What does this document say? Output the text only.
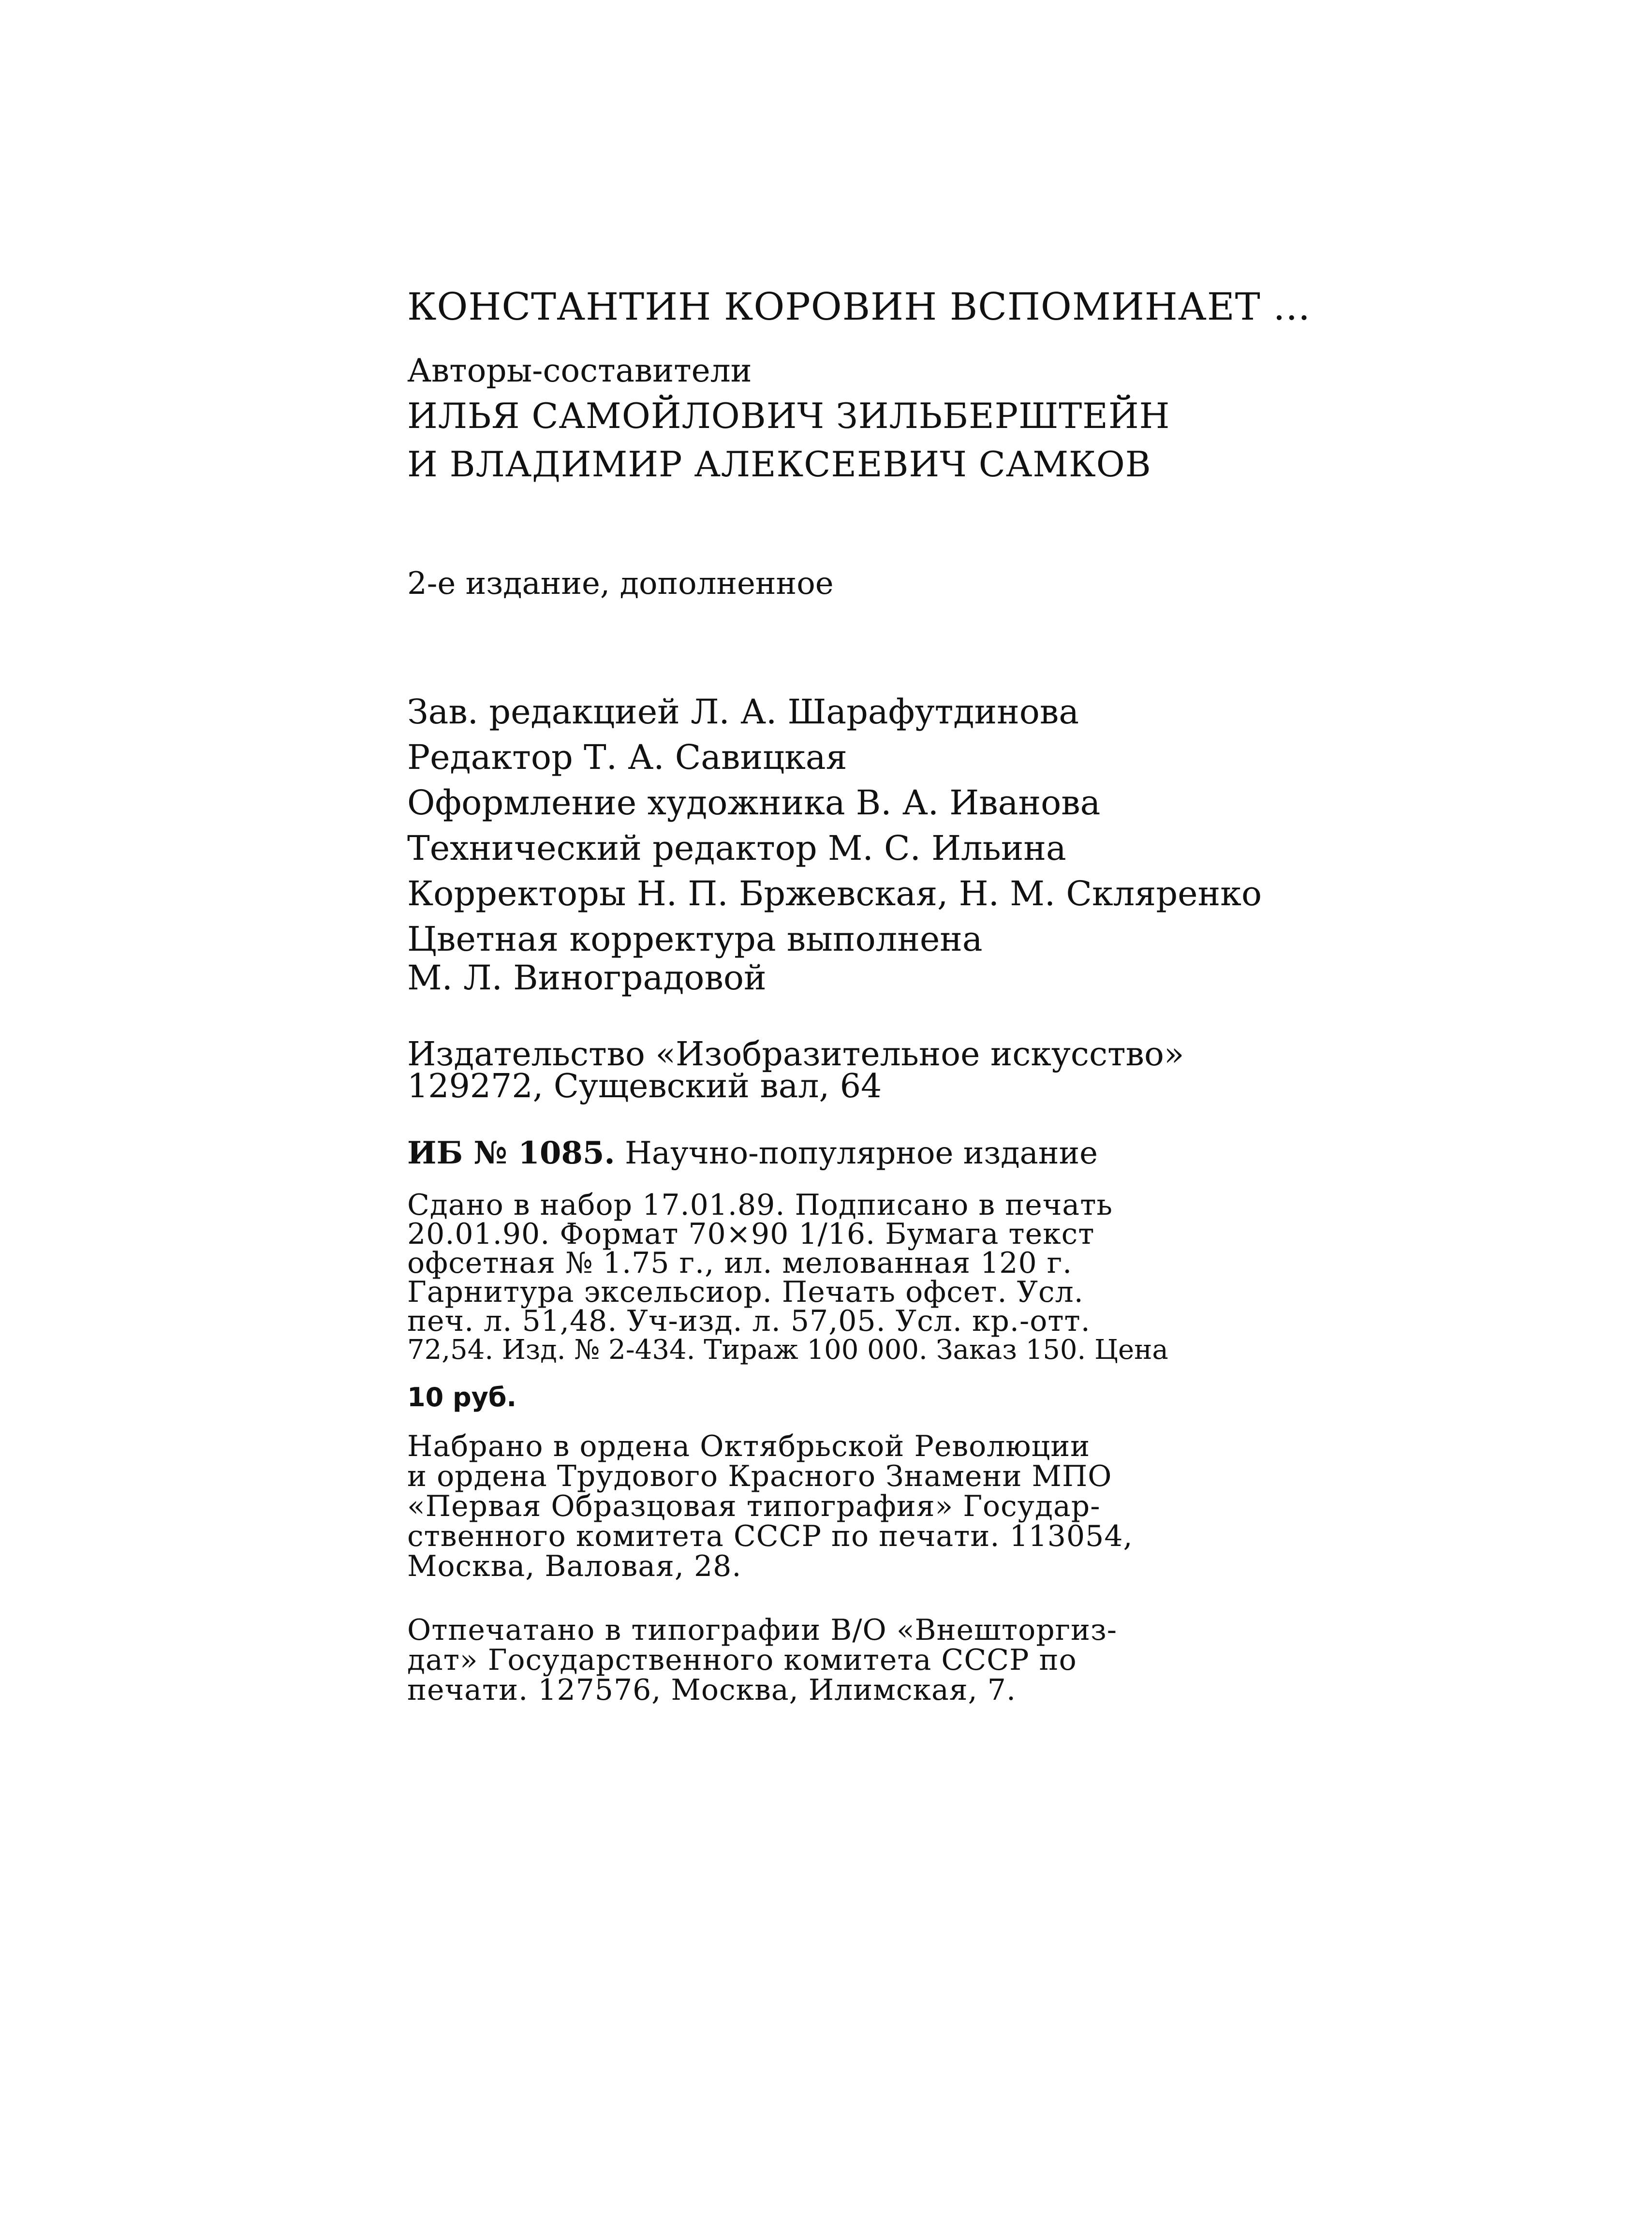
КОНСТАНТИН КОРОВИН ВСПОМИНАЕТ ...
Авторы-составители
ИЛЬЯ САМОЙЛОВИЧ ЗИЛЬБЕРШТЕЙН
И ВЛАДИМИР АЛЕКСЕЕВИЧ САМКОВ
2-е издание, дополненное
Зав. редакцией Л. А. Шарафутдинова
Редактор Т. А. Савицкая
Оформление художника В. А. Иванова
Технический редактор М. С. Ильина
Корректоры Н. П. Бржевская, Н. М. Скляренко
Цветная корректура выполнена
М. Л. Виноградовой
Издательство «Изобразительное искусство»
129272, Сущевский вал, 64
ИБ № 1085. Научно-популярное издание
Сдано в набор 17.01.89. Подписано в печать
20.01.90. Формат 70×90 1/16. Бумага текст
офсетная № 1.75 г., ил. мелованная 120 г.
Гарнитура эксельсиор. Печать офсет. Усл.
печ. л. 51,48. Уч-изд. л. 57,05. Усл. кр.-отт.
72,54. Изд. № 2-434. Тираж 100 000. Заказ 150. Цена
10 руб.
Набрано в ордена Октябрьской Революции
и ордена Трудового Красного Знамени МПО
«Первая Образцовая типография» Государ-
ственного комитета СССР по печати. 113054,
Москва, Валовая, 28.
Отпечатано в типографии В/О «Внешторгиз-
дат» Государственного комитета СССР по
печати. 127576, Москва, Илимская, 7.
